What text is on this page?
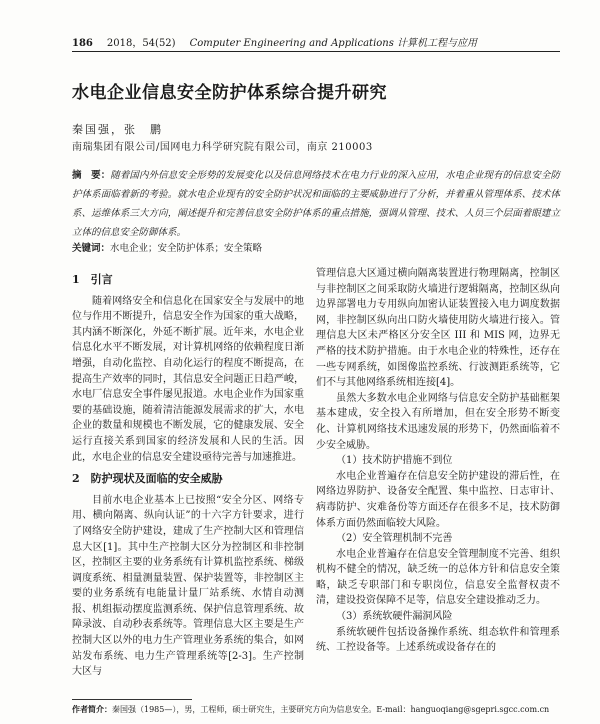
186 2018，54(52) Computer Engineering and Applications 计算机工程与应用
水电企业信息安全防护体系综合提升研究
秦国强，张　鹏
南瑞集团有限公司/国网电力科学研究院有限公司，南京 210003
摘　要：随着国内外信息安全形势的发展变化以及信息网络技术在电力行业的深入应用，水电企业现有的信息安全防护体系面临着新的考验。就水电企业现有的安全防护状况和面临的主要威胁进行了分析，并着重从管理体系、技术体系、运维体系三大方向，阐述提升和完善信息安全防护体系的重点措施，强调从管理、技术、人员三个层面着眼建立立体的信息安全防御体系。
关键词：水电企业；安全防护体系；安全策略
1　引言

随着网络安全和信息化在国家安全与发展中的地位与作用不断提升，信息安全作为国家的重大战略，其内涵不断深化，外延不断扩展。近年来，水电企业信息化水平不断发展，对计算机网络的依赖程度日渐增强，自动化监控、自动化运行的程度不断提高，在提高生产效率的同时，其信息安全问题正日趋严峻，水电厂信息安全事件屡见报道。水电企业作为国家重要的基础设施，随着清洁能源发展需求的扩大，水电企业的数量和规模也不断发展，它的健康发展、安全运行直接关系到国家的经济发展和人民的生活。因此，水电企业的信息安全建设亟待完善与加速推进。

2　防护现状及面临的安全威胁

目前水电企业基本上已按照“安全分区、网络专用、横向隔离、纵向认证”的十六字方针要求，进行了网络安全防护建设，建成了生产控制大区和管理信息大区[1]。其中生产控制大区分为控制区和非控制区，控制区主要的业务系统有计算机监控系统、梯级调度系统、相量测量装置、保护装置等，非控制区主要的业务系统有电能量计量厂站系统、水情自动测报、机组振动摆度监测系统、保护信息管理系统、故障录波、自动秒表系统等。管理信息大区主要是生产控制大区以外的电力生产管理业务系统的集合，如网站发布系统、电力生产管理系统等[2-3]。生产控制大区与

管理信息大区通过横向隔离装置进行物理隔离，控制区与非控制区之间采取防火墙进行逻辑隔离，控制区纵向边界部署电力专用纵向加密认证装置接入电力调度数据网，非控制区纵向出口防火墙使用防火墙进行接入。管理信息大区未严格区分安全区 III 和 MIS 网，边界无严格的技术防护措施。由于水电企业的特殊性，还存在一些专网系统，如图像监控系统、行波测距系统等，它们不与其他网络系统相连接[4]。

虽然大多数水电企业网络与信息安全防护基础框架基本建成，安全投入有所增加，但在安全形势不断变化、计算机网络技术迅速发展的形势下，仍然面临着不少安全威胁。

（1）技术防护措施不到位

水电企业普遍存在信息安全防护建设的滞后性，在网络边界防护、设备安全配置、集中监控、日志审计、病毒防护、灾难备份等方面还存在很多不足，技术防御体系方面仍然面临较大风险。

（2）安全管理机制不完善

水电企业普遍存在信息安全管理制度不完善、组织机构不健全的情况，缺乏统一的总体方针和信息安全策略，缺乏专职部门和专职岗位，信息安全监督权责不清，建设投资保障不足等，信息安全建设推动乏力。

（3）系统软硬件漏洞风险

系统软硬件包括设备操作系统、组态软件和管理系统、工控设备等。上述系统或设备存在的

作者简介：秦国强（1985—），男，工程师，硕士研究生，主要研究方向为信息安全。E-mail：hanguoqiang@sgepri.sgcc.com.cn
